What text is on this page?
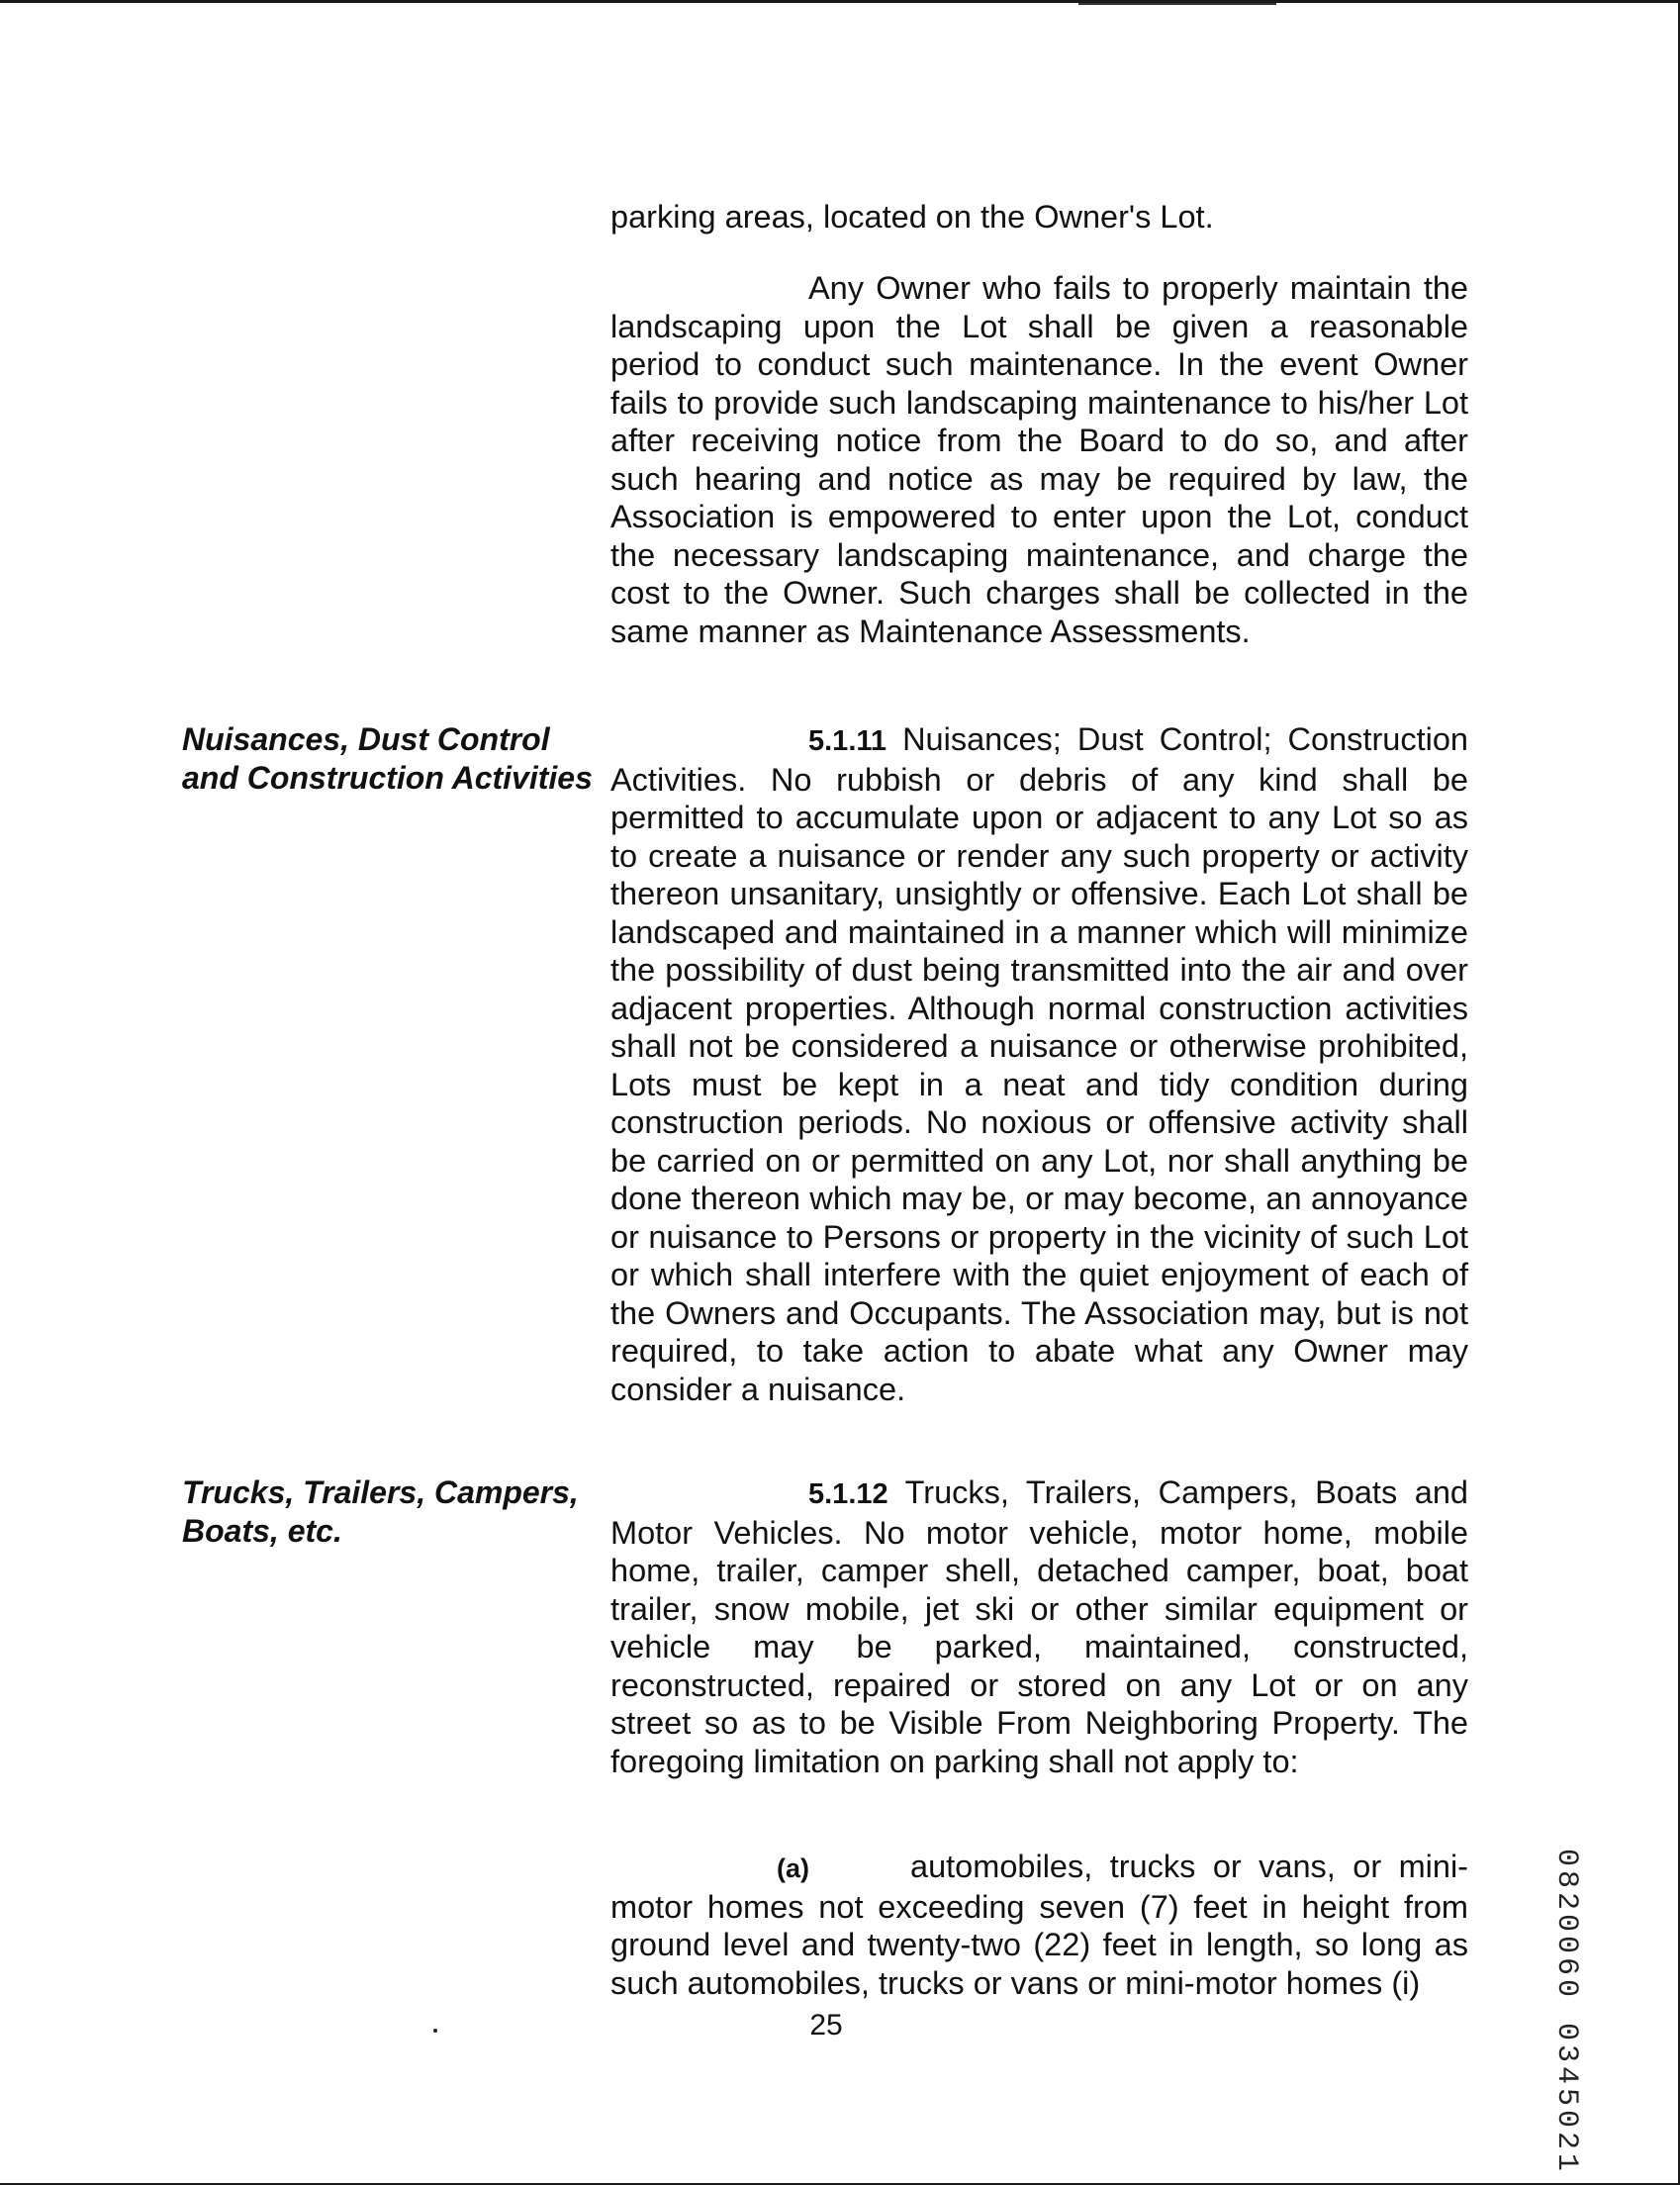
parking areas, located on the Owner's Lot.
Any Owner who fails to properly maintain the landscaping upon the Lot shall be given a reasonable period to conduct such maintenance. In the event Owner fails to provide such landscaping maintenance to his/her Lot after receiving notice from the Board to do so, and after such hearing and notice as may be required by law, the Association is empowered to enter upon the Lot, conduct the necessary landscaping maintenance, and charge the cost to the Owner. Such charges shall be collected in the same manner as Maintenance Assessments.
Nuisances, Dust Control and Construction Activities
5.1.11 Nuisances; Dust Control; Construction Activities. No rubbish or debris of any kind shall be permitted to accumulate upon or adjacent to any Lot so as to create a nuisance or render any such property or activity thereon unsanitary, unsightly or offensive. Each Lot shall be landscaped and maintained in a manner which will minimize the possibility of dust being transmitted into the air and over adjacent properties. Although normal construction activities shall not be considered a nuisance or otherwise prohibited, Lots must be kept in a neat and tidy condition during construction periods. No noxious or offensive activity shall be carried on or permitted on any Lot, nor shall anything be done thereon which may be, or may become, an annoyance or nuisance to Persons or property in the vicinity of such Lot or which shall interfere with the quiet enjoyment of each of the Owners and Occupants. The Association may, but is not required, to take action to abate what any Owner may consider a nuisance.
Trucks, Trailers, Campers, Boats, etc.
5.1.12 Trucks, Trailers, Campers, Boats and Motor Vehicles. No motor vehicle, motor home, mobile home, trailer, camper shell, detached camper, boat, boat trailer, snow mobile, jet ski or other similar equipment or vehicle may be parked, maintained, constructed, reconstructed, repaired or stored on any Lot or on any street so as to be Visible From Neighboring Property. The foregoing limitation on parking shall not apply to:
(a)	automobiles, trucks or vans, or mini-motor homes not exceeding seven (7) feet in height from ground level and twenty-two (22) feet in length, so long as such automobiles, trucks or vans or mini-motor homes (i)
25	0820060 0345021
